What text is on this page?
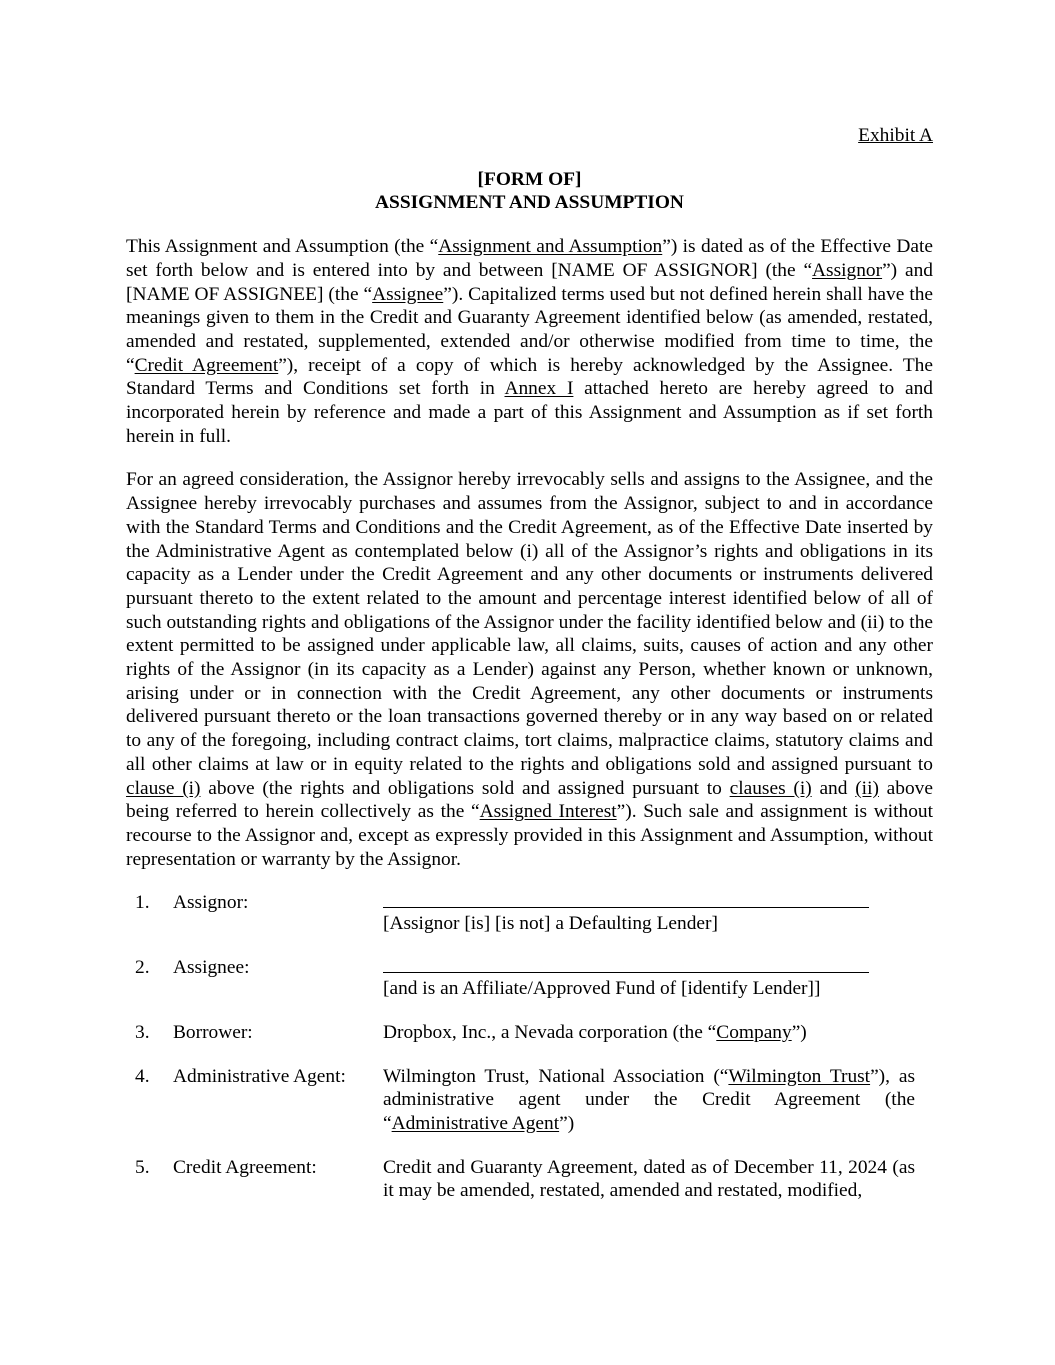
Exhibit A
[FORM OF]
ASSIGNMENT AND ASSUMPTION
This Assignment and Assumption (the “Assignment and Assumption”) is dated as of the Effective Date set forth below and is entered into by and between [NAME OF ASSIGNOR] (the “Assignor”) and [NAME OF ASSIGNEE] (the “Assignee”). Capitalized terms used but not defined herein shall have the meanings given to them in the Credit and Guaranty Agreement identified below (as amended, restated, amended and restated, supplemented, extended and/or otherwise modified from time to time, the “Credit Agreement”), receipt of a copy of which is hereby acknowledged by the Assignee. The Standard Terms and Conditions set forth in Annex I attached hereto are hereby agreed to and incorporated herein by reference and made a part of this Assignment and Assumption as if set forth herein in full.
For an agreed consideration, the Assignor hereby irrevocably sells and assigns to the Assignee, and the Assignee hereby irrevocably purchases and assumes from the Assignor, subject to and in accordance with the Standard Terms and Conditions and the Credit Agreement, as of the Effective Date inserted by the Administrative Agent as contemplated below (i) all of the Assignor’s rights and obligations in its capacity as a Lender under the Credit Agreement and any other documents or instruments delivered pursuant thereto to the extent related to the amount and percentage interest identified below of all of such outstanding rights and obligations of the Assignor under the facility identified below and (ii) to the extent permitted to be assigned under applicable law, all claims, suits, causes of action and any other rights of the Assignor (in its capacity as a Lender) against any Person, whether known or unknown, arising under or in connection with the Credit Agreement, any other documents or instruments delivered pursuant thereto or the loan transactions governed thereby or in any way based on or related to any of the foregoing, including contract claims, tort claims, malpractice claims, statutory claims and all other claims at law or in equity related to the rights and obligations sold and assigned pursuant to clause (i) above (the rights and obligations sold and assigned pursuant to clauses (i) and (ii) above being referred to herein collectively as the “Assigned Interest”). Such sale and assignment is without recourse to the Assignor and, except as expressly provided in this Assignment and Assumption, without representation or warranty by the Assignor.
1. Assignor:
[Assignor [is] [is not] a Defaulting Lender]
2. Assignee:
[and is an Affiliate/Approved Fund of [identify Lender]]
3. Borrower:	Dropbox, Inc., a Nevada corporation (the “Company”)
4. Administrative Agent: Wilmington Trust, National Association (“Wilmington Trust”), as administrative agent under the Credit Agreement (the “Administrative Agent”)
5. Credit Agreement:	Credit and Guaranty Agreement, dated as of December 11, 2024 (as it may be amended, restated, amended and restated, modified,
